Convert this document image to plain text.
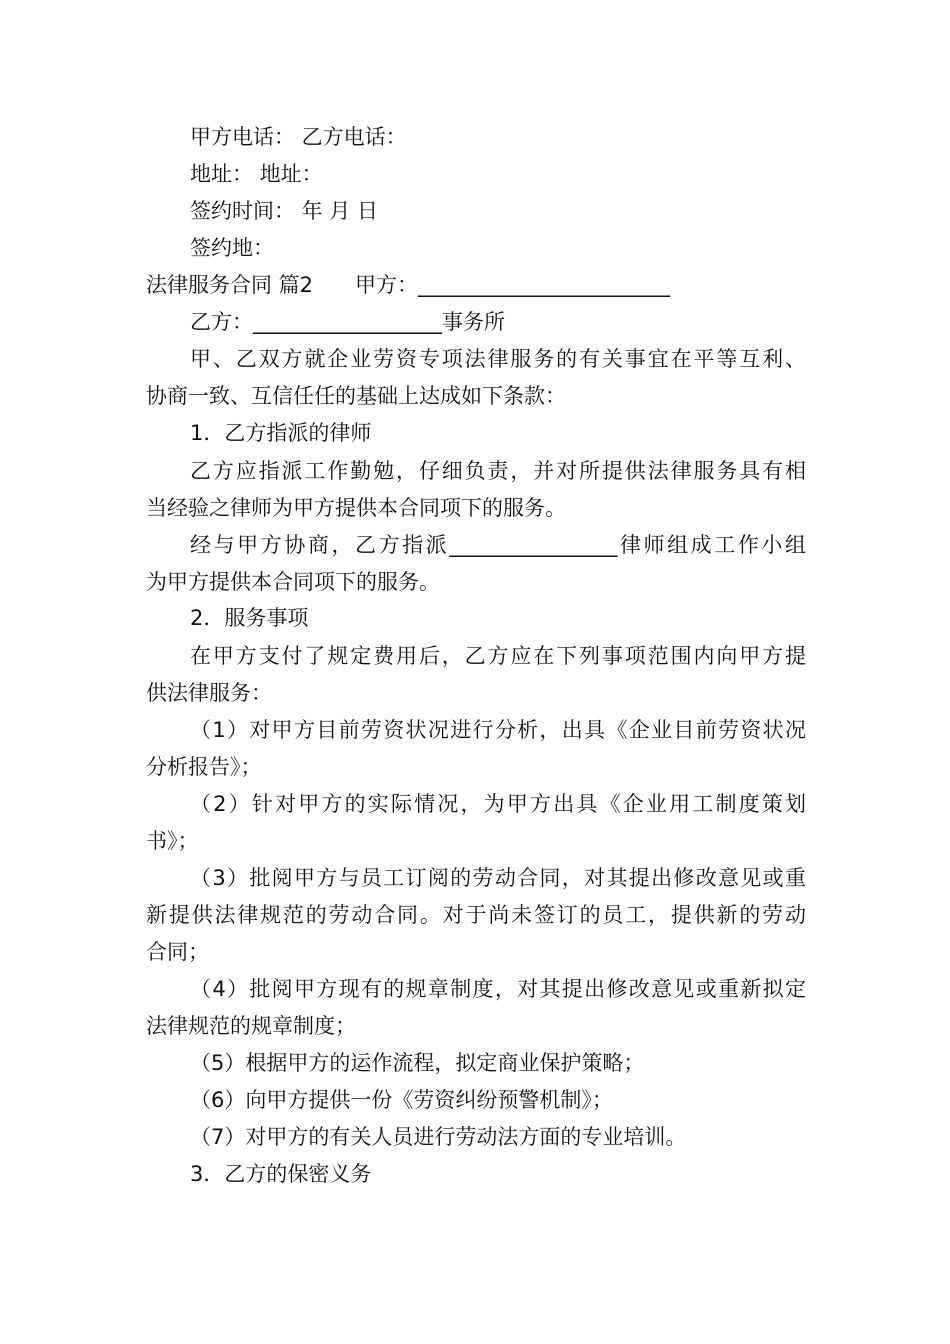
甲方电话： 乙方电话：
地址： 地址：
签约时间： 年 月 日
签约地：
法律服务合同 篇2　　甲方：________________________
乙方：__________________事务所
甲、乙双方就企业劳资专项法律服务的有关事宜在平等互利、
协商一致、互信任任的基础上达成如下条款：
1．乙方指派的律师
乙方应指派工作勤勉，仔细负责，并对所提供法律服务具有相
当经验之律师为甲方提供本合同项下的服务。
经与甲方协商，乙方指派________________律师组成工作小组
为甲方提供本合同项下的服务。
2．服务事项
在甲方支付了规定费用后，乙方应在下列事项范围内向甲方提
供法律服务：
（1）对甲方目前劳资状况进行分析，出具《企业目前劳资状况
分析报告》；
（2）针对甲方的实际情况，为甲方出具《企业用工制度策划
书》；
（3）批阅甲方与员工订阅的劳动合同，对其提出修改意见或重
新提供法律规范的劳动合同。对于尚未签订的员工，提供新的劳动
合同；
（4）批阅甲方现有的规章制度，对其提出修改意见或重新拟定
法律规范的规章制度；
（5）根据甲方的运作流程，拟定商业保护策略；
（6）向甲方提供一份《劳资纠纷预警机制》；
（7）对甲方的有关人员进行劳动法方面的专业培训。
3．乙方的保密义务
